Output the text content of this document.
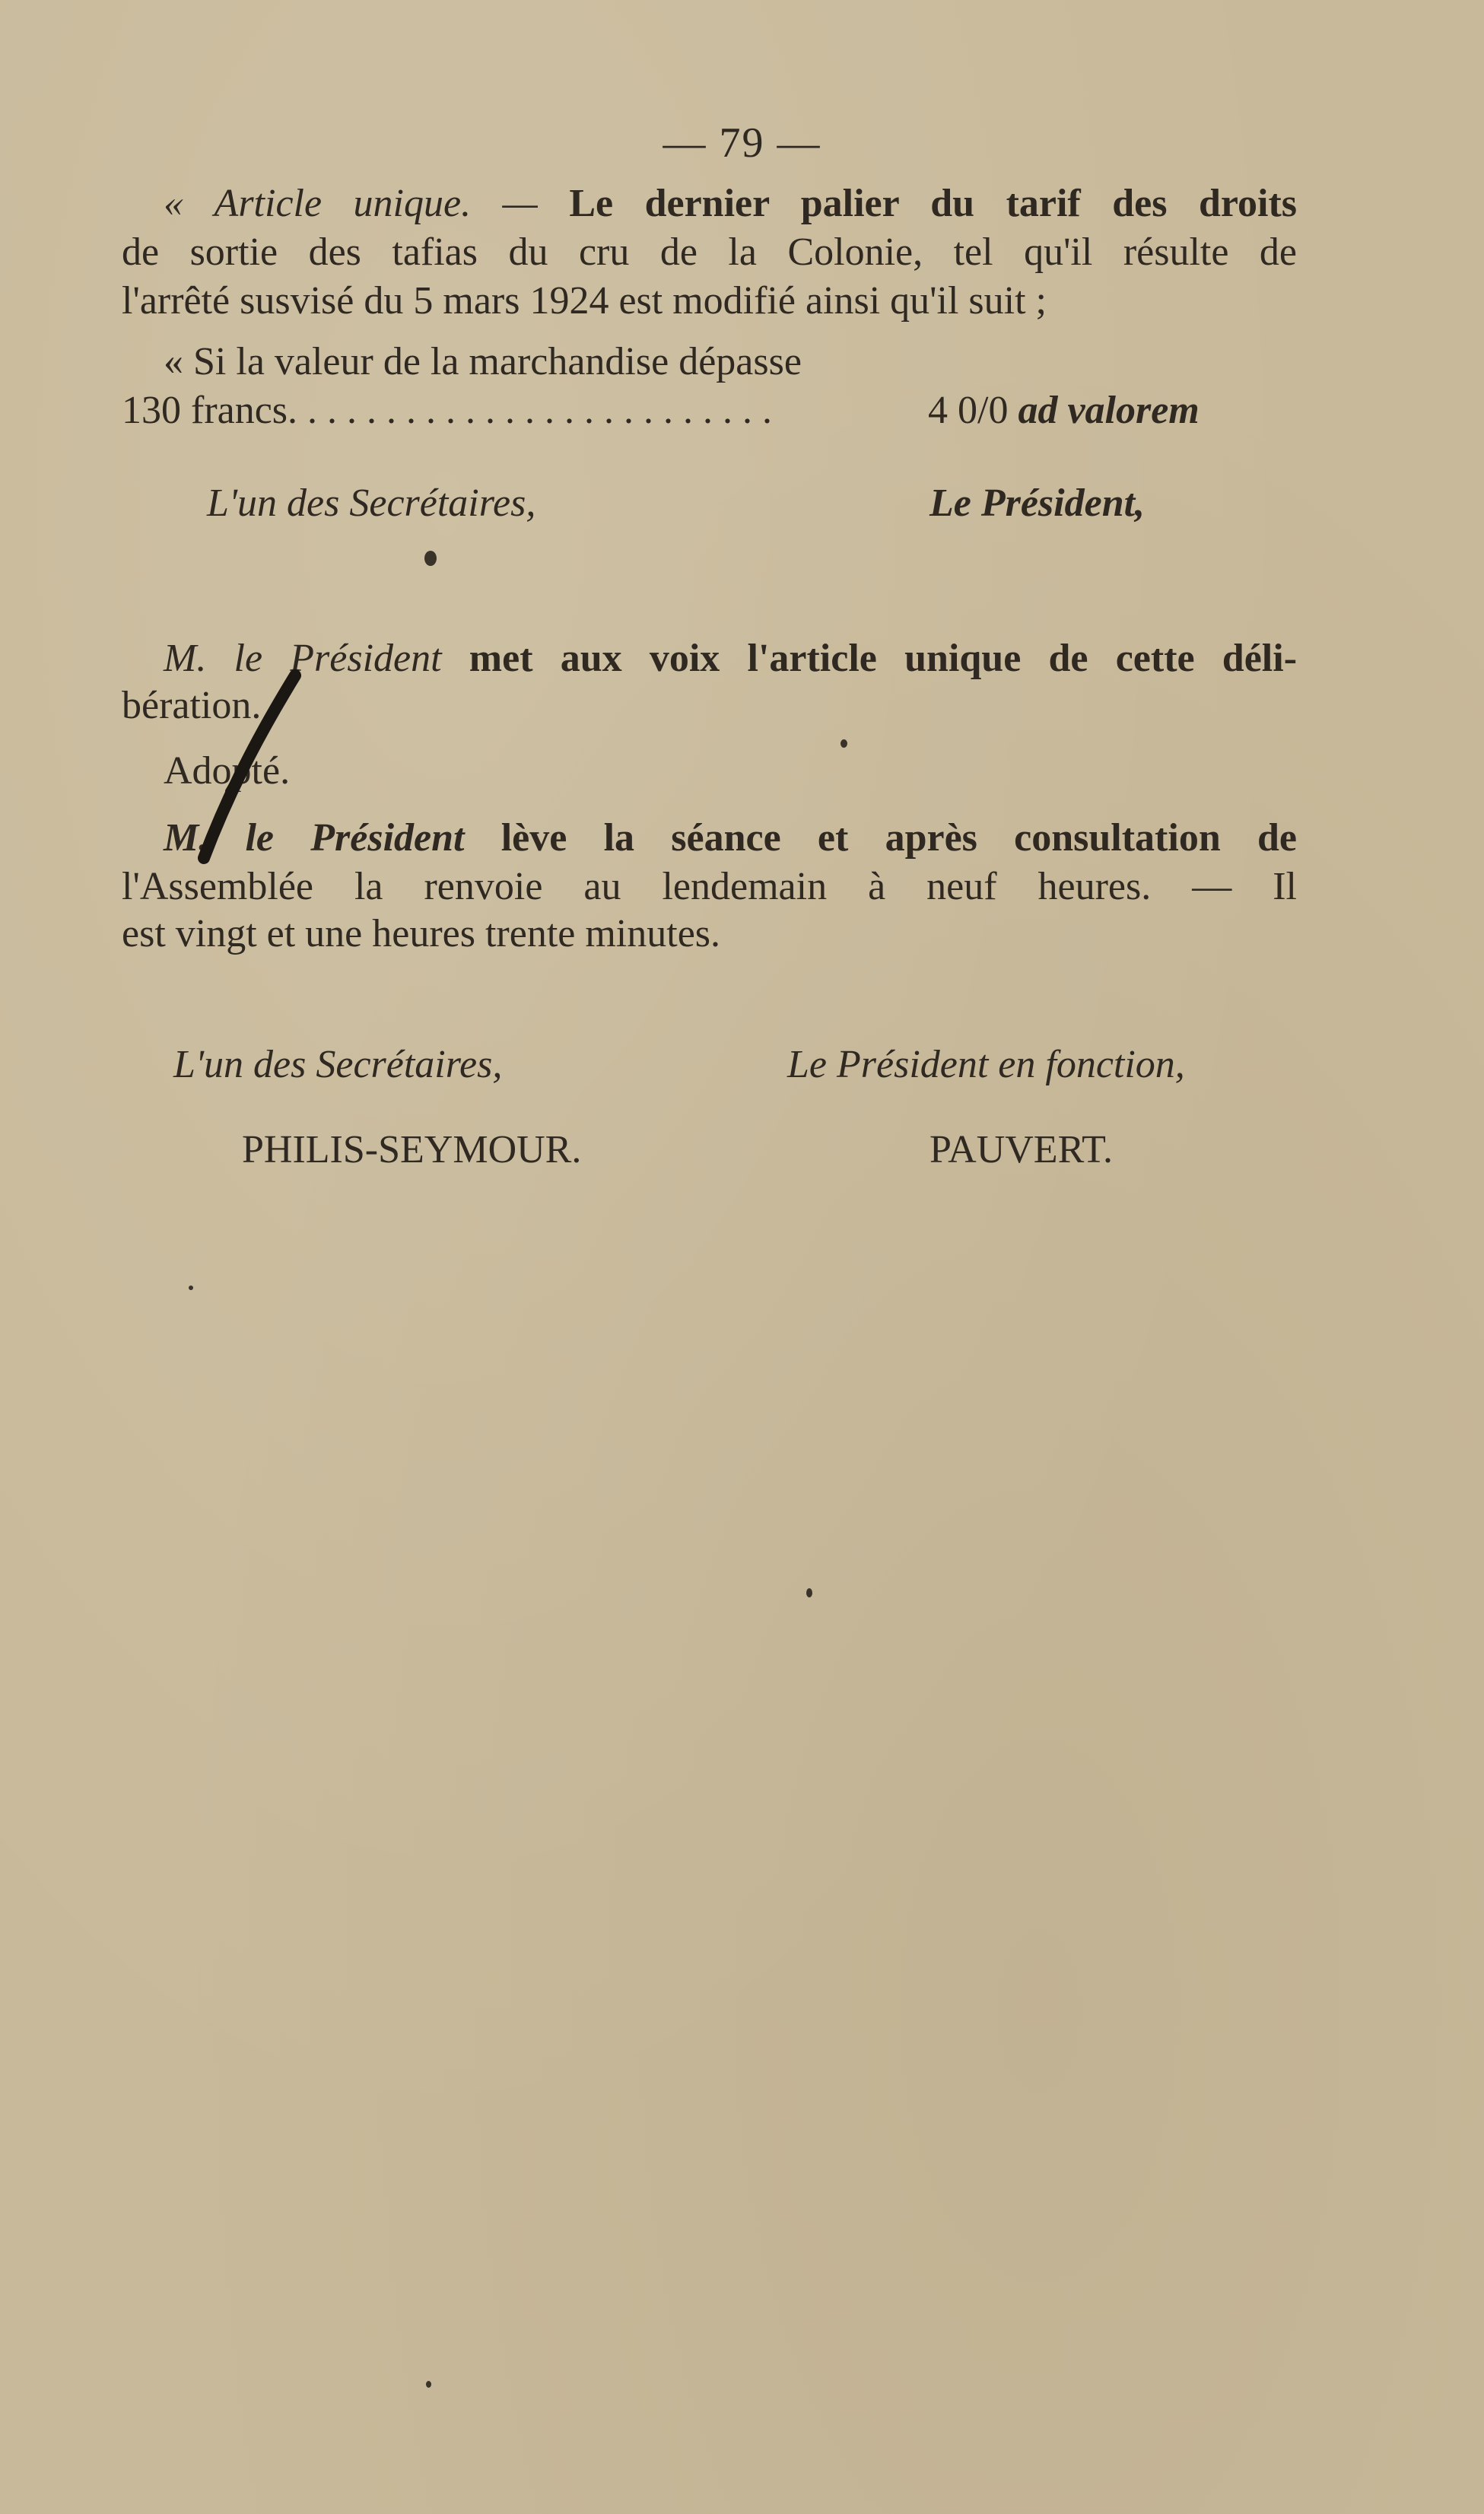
— 79 —
« Article unique. — Le dernier palier du tarif des droits
de sortie des tafias du cru de la Colonie, tel qu'il résulte de
l'arrêté susvisé du 5 mars 1924 est modifié ainsi qu'il suit ;
« Si la valeur de la marchandise dépasse
130 francs. . . . . . . . . . . . . . . . . . . . . . . . .	4 0/0 ad valorem
L'un des Secrétaires,	Le Président,
M. le Président met aux voix l'article unique de cette déli-
bération.
Adopté.
M. le Président lève la séance et après consultation de
l'Assemblée la renvoie au lendemain à neuf heures. — Il
est vingt et une heures trente minutes.
L'un des Secrétaires,	Le Président en fonction,
PHILIS-SEYMOUR.	PAUVERT.
